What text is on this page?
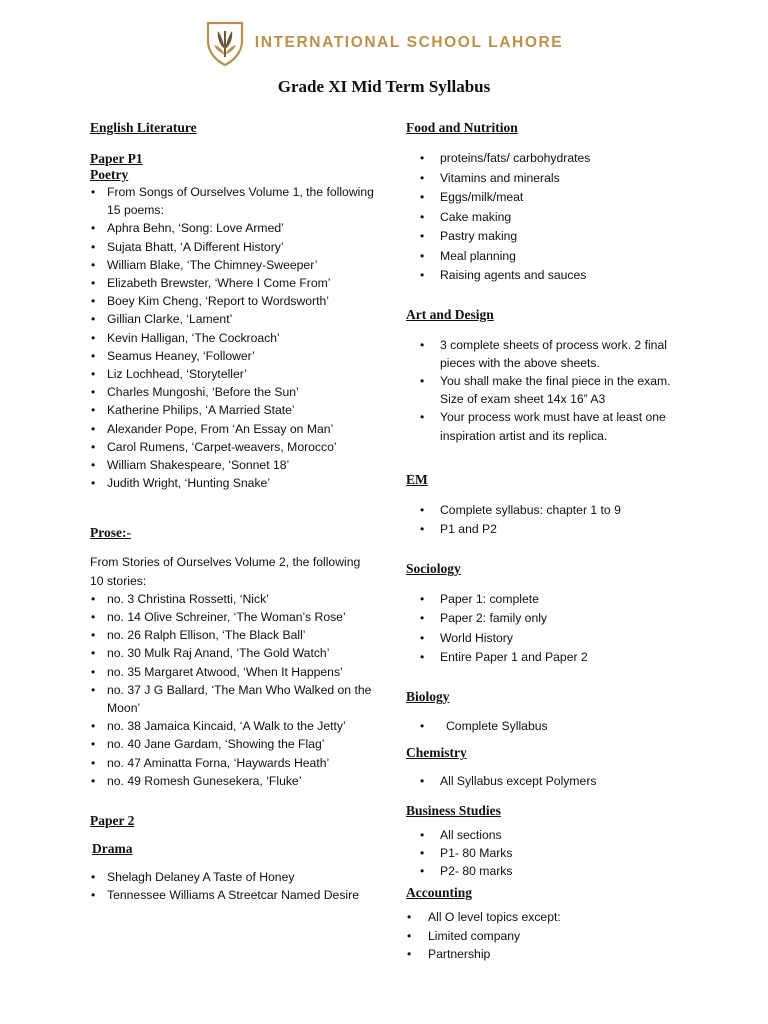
INTERNATIONAL SCHOOL LAHORE
Grade XI Mid Term Syllabus
English Literature
Paper P1
Poetry
• From Songs of Ourselves Volume 1, the following 15 poems:
• Aphra Behn, ‘Song: Love Armed’
• Sujata Bhatt, ‘A Different History’
• William Blake, ‘The Chimney-Sweeper’
• Elizabeth Brewster, ‘Where I Come From’
• Boey Kim Cheng, ‘Report to Wordsworth’
• Gillian Clarke, ‘Lament’
• Kevin Halligan, ‘The Cockroach’
• Seamus Heaney, ‘Follower’
• Liz Lochhead, ‘Storyteller’
• Charles Mungoshi, ‘Before the Sun’
• Katherine Philips, ‘A Married State’
• Alexander Pope, From ‘An Essay on Man’
• Carol Rumens, ‘Carpet-weavers, Morocco’
• William Shakespeare, ‘Sonnet 18’
• Judith Wright, ‘Hunting Snake’
Prose:-

From Stories of Ourselves Volume 2, the following 10 stories:

• no. 3 Christina Rossetti, ‘Nick’
• no. 14 Olive Schreiner, ‘The Woman’s Rose’
• no. 26 Ralph Ellison, ‘The Black Ball’
• no. 30 Mulk Raj Anand, ‘The Gold Watch’
• no. 35 Margaret Atwood, ‘When It Happens’
• no. 37 J G Ballard, ‘The Man Who Walked on the Moon’
• no. 38 Jamaica Kincaid, ‘A Walk to the Jetty’
• no. 40 Jane Gardam, ‘Showing the Flag’
• no. 47 Aminatta Forna, ‘Haywards Heath’
• no. 49 Romesh Gunesekera, ‘Fluke’
Paper 2
Drama
• Shelagh Delaney A Taste of Honey
• Tennessee Williams A Streetcar Named Desire
Food and Nutrition
• proteins/fats/ carbohydrates
• Vitamins and minerals
• Eggs/milk/meat
• Cake making
• Pastry making
• Meal planning
• Raising agents and sauces
Art and Design
• 3 complete sheets of process work. 2 final pieces with the above sheets.
• You shall make the final piece in the exam. Size of exam sheet 14x 16” A3
• Your process work must have at least one inspiration artist and its replica.
EM
• Complete syllabus: chapter 1 to 9
• P1 and P2
Sociology
• Paper 1: complete
• Paper 2: family only
• World History
• Entire Paper 1 and Paper 2
Biology
• Complete Syllabus
Chemistry
• All Syllabus except Polymers
Business Studies
• All sections
• P1- 80 Marks
• P2- 80 marks
Accounting
• All O level topics except:
• Limited company
• Partnership
